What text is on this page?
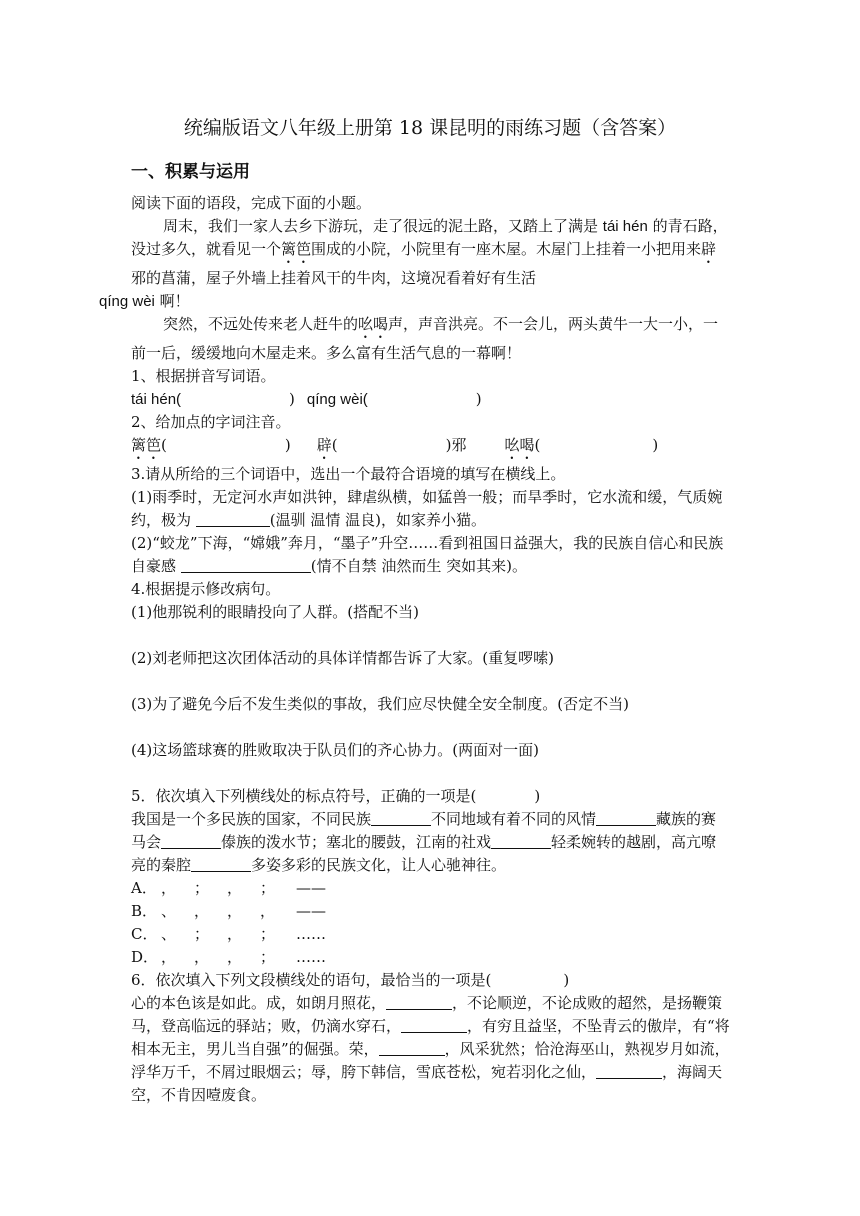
统编版语文八年级上册第 18 课昆明的雨练习题（含答案）
一、积累与运用

阅读下面的语段，完成下面的小题。

周末，我们一家人去乡下游玩，走了很远的泥土路，又踏上了满是 tái hén 的青石路，没过多久，就看见一个篱笆围成的小院，小院里有一座木屋。木屋门上挂着一小把用来辟邪的菖蒲，屋子外墙上挂着风干的牛肉，这境况看着好有生活
qíng wèi 啊！

突然，不远处传来老人赶牛的吆喝声，声音洪亮。不一会儿，两头黄牛一大一小，一前一后，缓缓地向木屋走来。多么富有生活气息的一幕啊！

1、根据拼音写词语。

tái hén(	) qíng wèi(	)

2、给加点的字词注音。

篱笆(	) 辟(	)邪	吆喝(	)

3.请从所给的三个词语中，选出一个最符合语境的填写在横线上。

(1)雨季时，无定河水声如洪钟，肆虐纵横，如猛兽一般；而旱季时，它水流和缓，气质婉约，极为	(温驯 温情 温良)，如家养小猫。

(2)“蛟龙”下海，“嫦娥”奔月，“墨子”升空……看到祖国日益强大，我的民族自信心和民族自豪感	(情不自禁 油然而生 突如其来)。

4.根据提示修改病句。

(1)他那锐利的眼睛投向了人群。(搭配不当)

(2)刘老师把这次团体活动的具体详情都告诉了大家。(重复啰嗦)

(3)为了避免今后不发生类似的事故，我们应尽快健全安全制度。(否定不当)

(4)这场篮球赛的胜败取决于队员们的齐心协力。(两面对一面)

5．依次填入下列横线处的标点符号，正确的一项是(	)

我国是一个多民族的国家，不同民族	不同地域有着不同的风情	藏族的赛马会	傣族的泼水节；塞北的腰鼓，江南的社戏	轻柔婉转的越剧，高亢嘹亮的秦腔	多姿多彩的民族文化，让人心驰神往。

A． ， ； ， ； ——

B． 、 ， ， ， ——

C． 、 ； ， ； ……

D． ， ， ， ； ……

6．依次填入下列文段横线处的语句，最恰当的一项是(	)

心的本色该是如此。成，如朗月照花，	，不论顺逆，不论成败的超然，是扬鞭策马，登高临远的驿站；败，仍滴水穿石，	，有穷且益坚，不坠青云的傲岸，有“将相本无主，男儿当自强”的倔强。荣，	，风采犹然；恰沧海巫山，熟视岁月如流，浮华万千，不屑过眼烟云；辱，胯下韩信，雪底苍松，宛若羽化之仙，	，海阔天空，不肯因噎废食。
